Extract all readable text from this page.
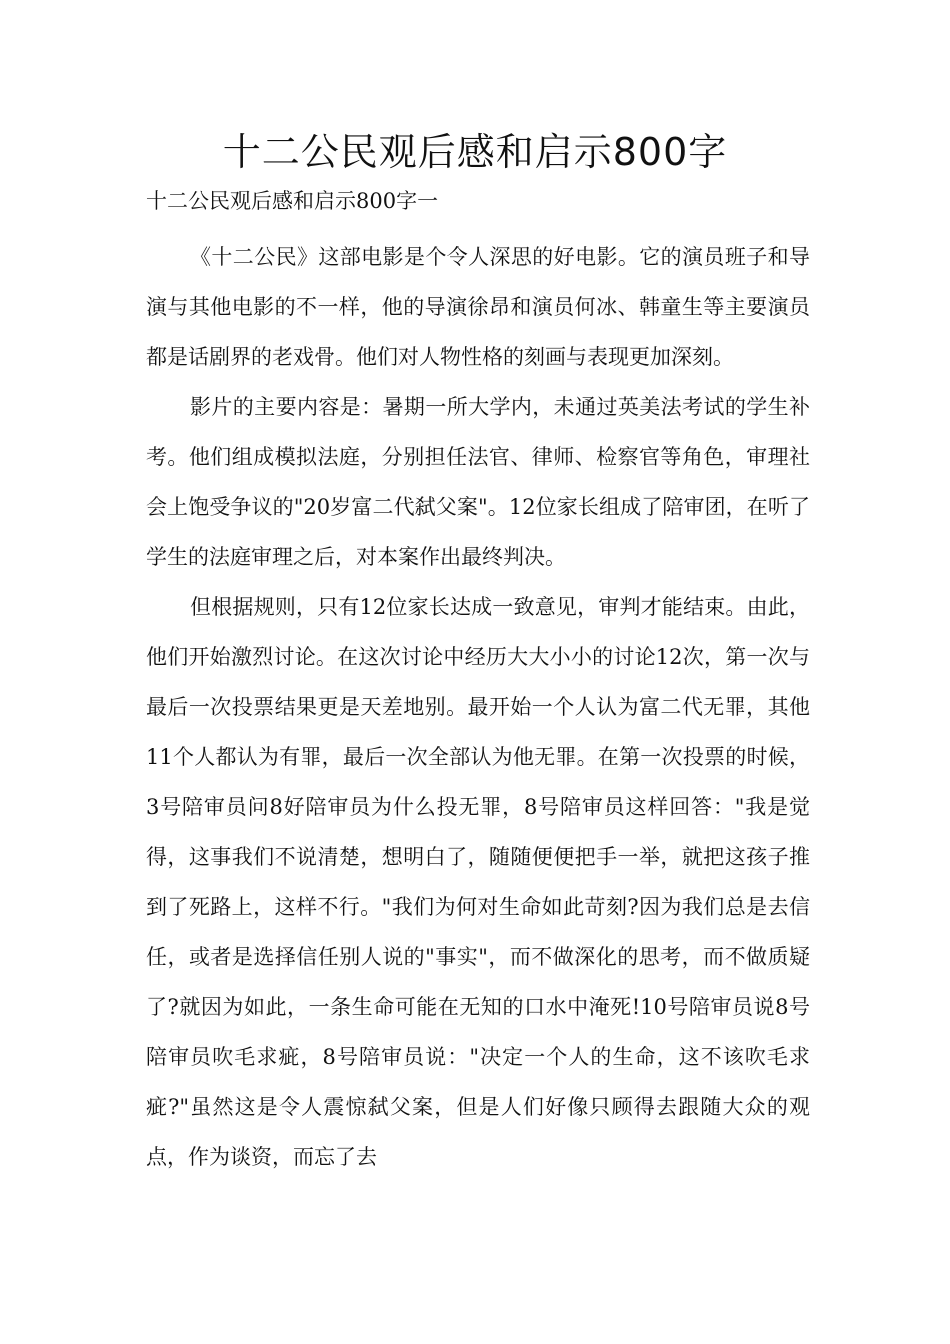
十二公民观后感和启示800字
十二公民观后感和启示800字一

《十二公民》这部电影是个令人深思的好电影。它的演员班子和导演与其他电影的不一样，他的导演徐昂和演员何冰、韩童生等主要演员都是话剧界的老戏骨。他们对人物性格的刻画与表现更加深刻。

影片的主要内容是：暑期一所大学内，未通过英美法考试的学生补考。他们组成模拟法庭，分别担任法官、律师、检察官等角色，审理社会上饱受争议的"20岁富二代弑父案"。12位家长组成了陪审团，在听了学生的法庭审理之后，对本案作出最终判决。

但根据规则，只有12位家长达成一致意见，审判才能结束。由此，他们开始激烈讨论。在这次讨论中经历大大小小的讨论12次，第一次与最后一次投票结果更是天差地别。最开始一个人认为富二代无罪，其他11个人都认为有罪，最后一次全部认为他无罪。在第一次投票的时候，3号陪审员问8好陪审员为什么投无罪，8号陪审员这样回答："我是觉得，这事我们不说清楚，想明白了，随随便便把手一举，就把这孩子推到了死路上，这样不行。"我们为何对生命如此苛刻?因为我们总是去信任，或者是选择信任别人说的"事实"，而不做深化的思考，而不做质疑了?就因为如此，一条生命可能在无知的口水中淹死!10号陪审员说8号陪审员吹毛求疵，8号陪审员说："决定一个人的生命，这不该吹毛求疵?"虽然这是令人震惊弑父案，但是人们好像只顾得去跟随大众的观点，作为谈资，而忘了去
